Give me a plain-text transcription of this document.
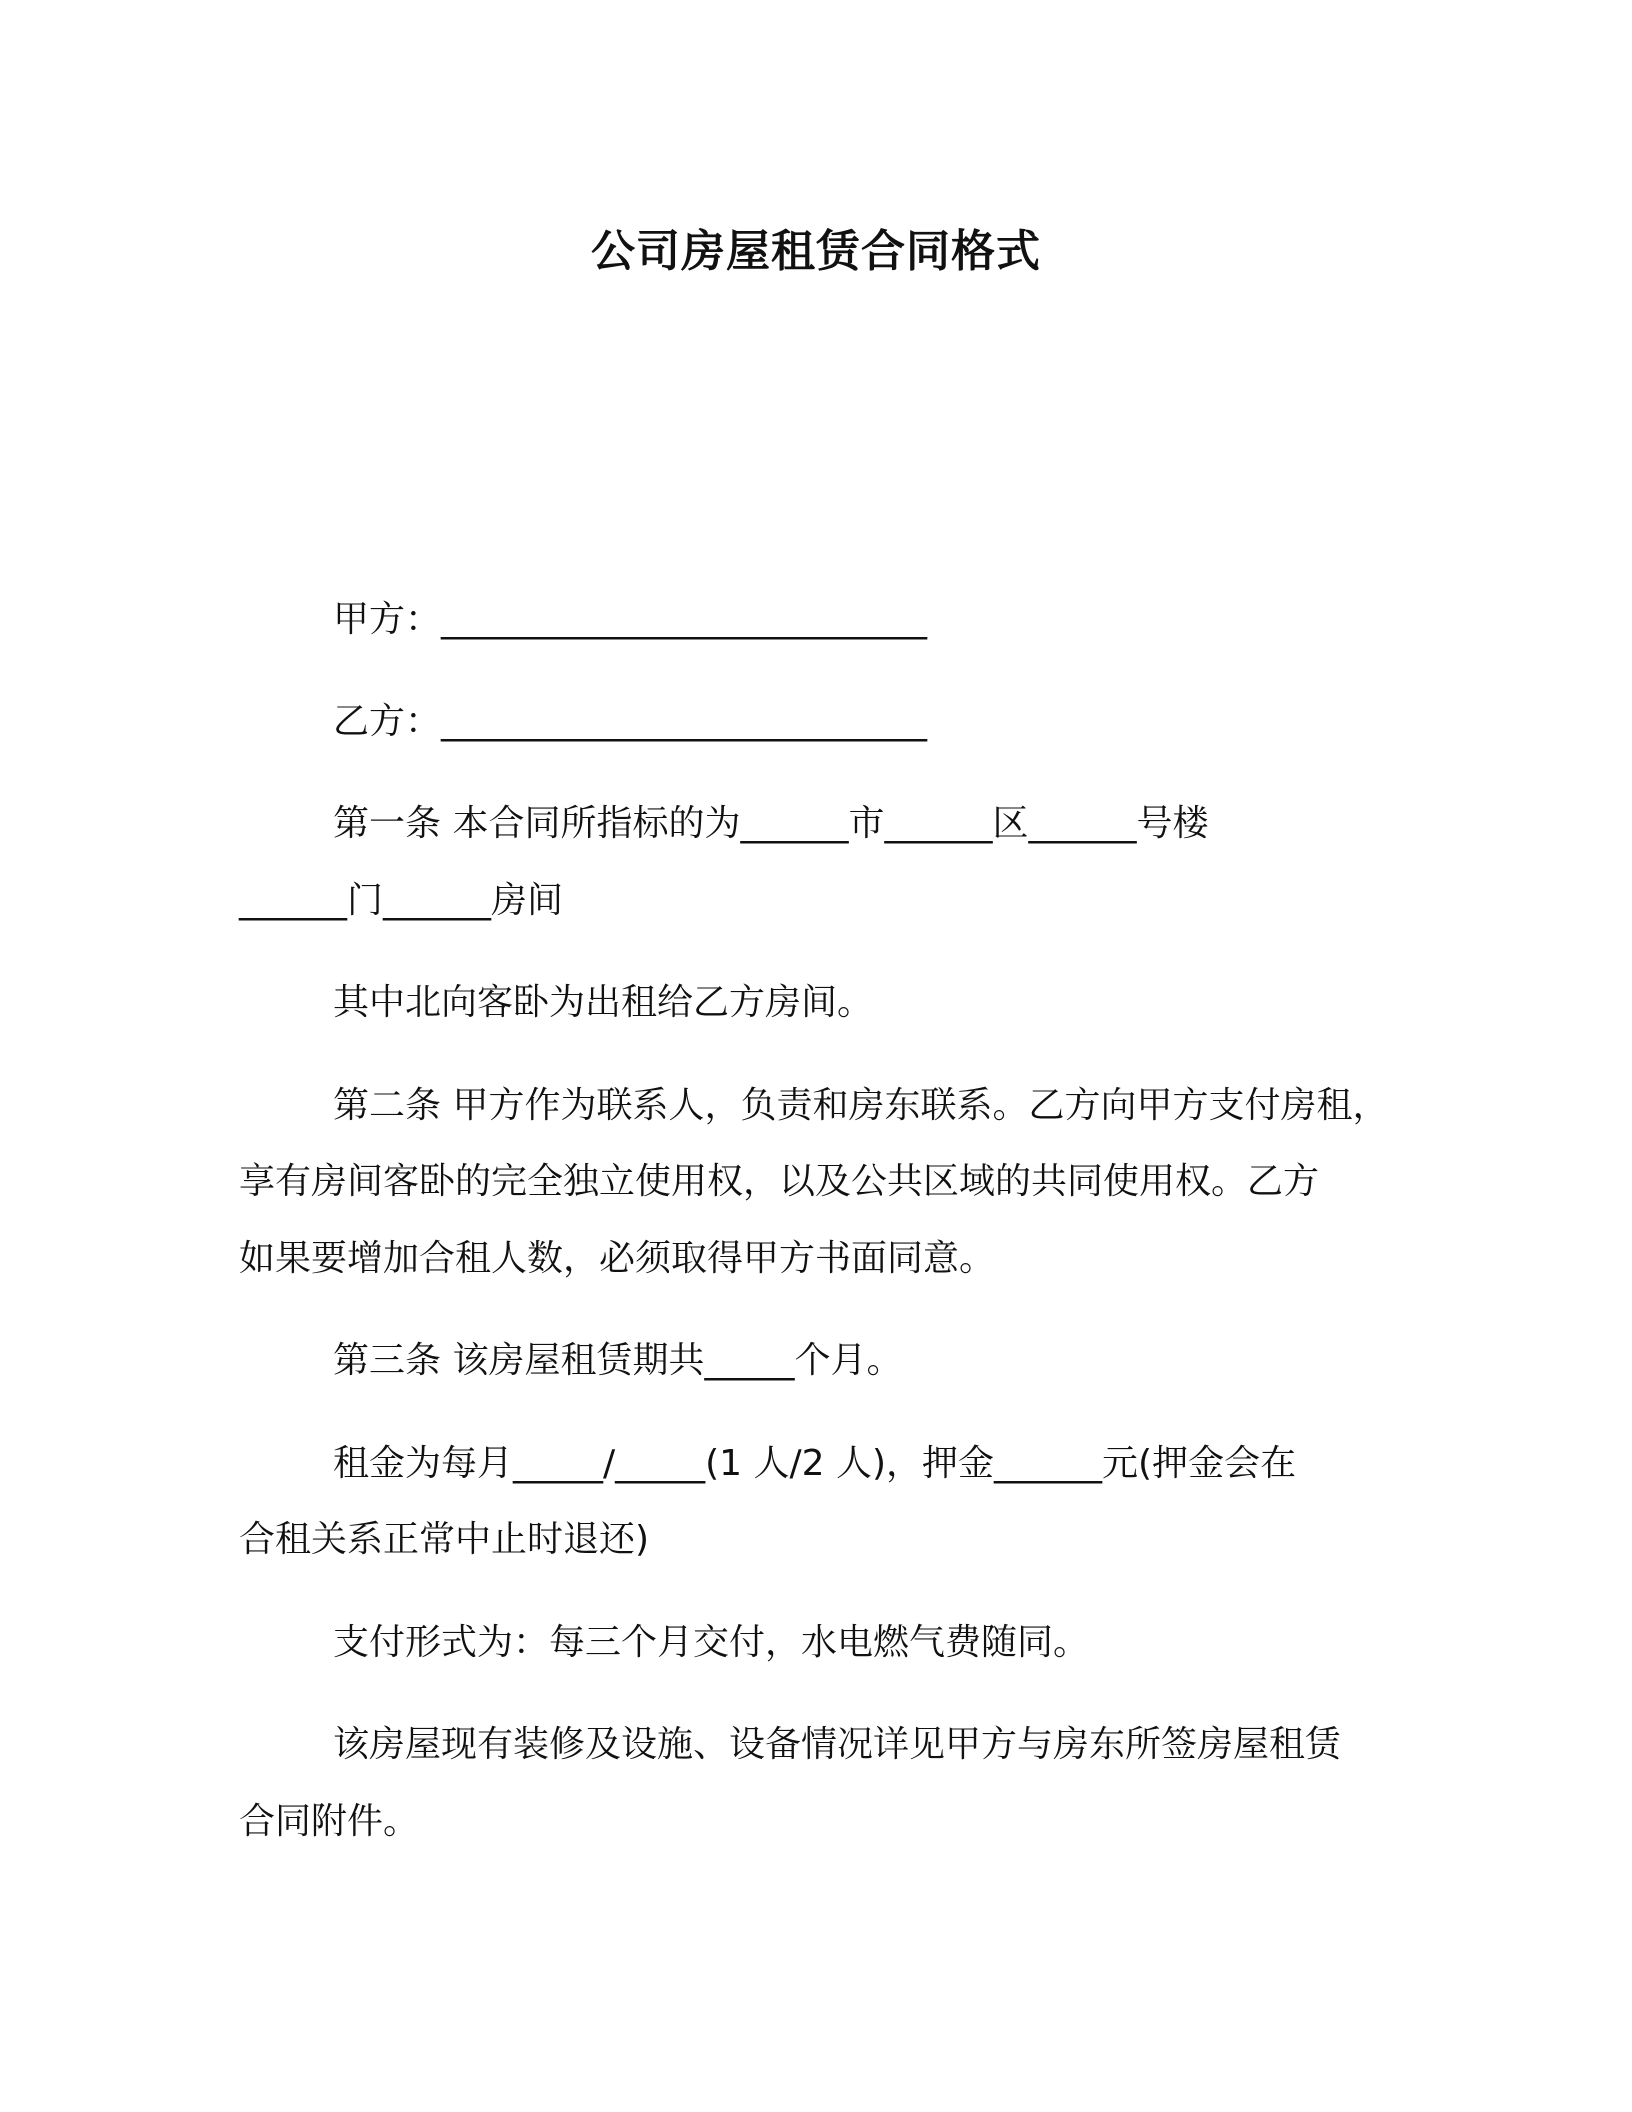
公司房屋租赁合同格式
甲方：___________________________
乙方：___________________________
第一条 本合同所指标的为______市______区______号楼
______门______房间
其中北向客卧为出租给乙方房间。
第二条 甲方作为联系人，负责和房东联系。乙方向甲方支付房租，
享有房间客卧的完全独立使用权，以及公共区域的共同使用权。乙方
如果要增加合租人数，必须取得甲方书面同意。
第三条 该房屋租赁期共_____个月。
租金为每月_____/_____(1 人/2 人)，押金______元(押金会在
合租关系正常中止时退还)
支付形式为：每三个月交付，水电燃气费随同。
该房屋现有装修及设施、设备情况详见甲方与房东所签房屋租赁
合同附件。
